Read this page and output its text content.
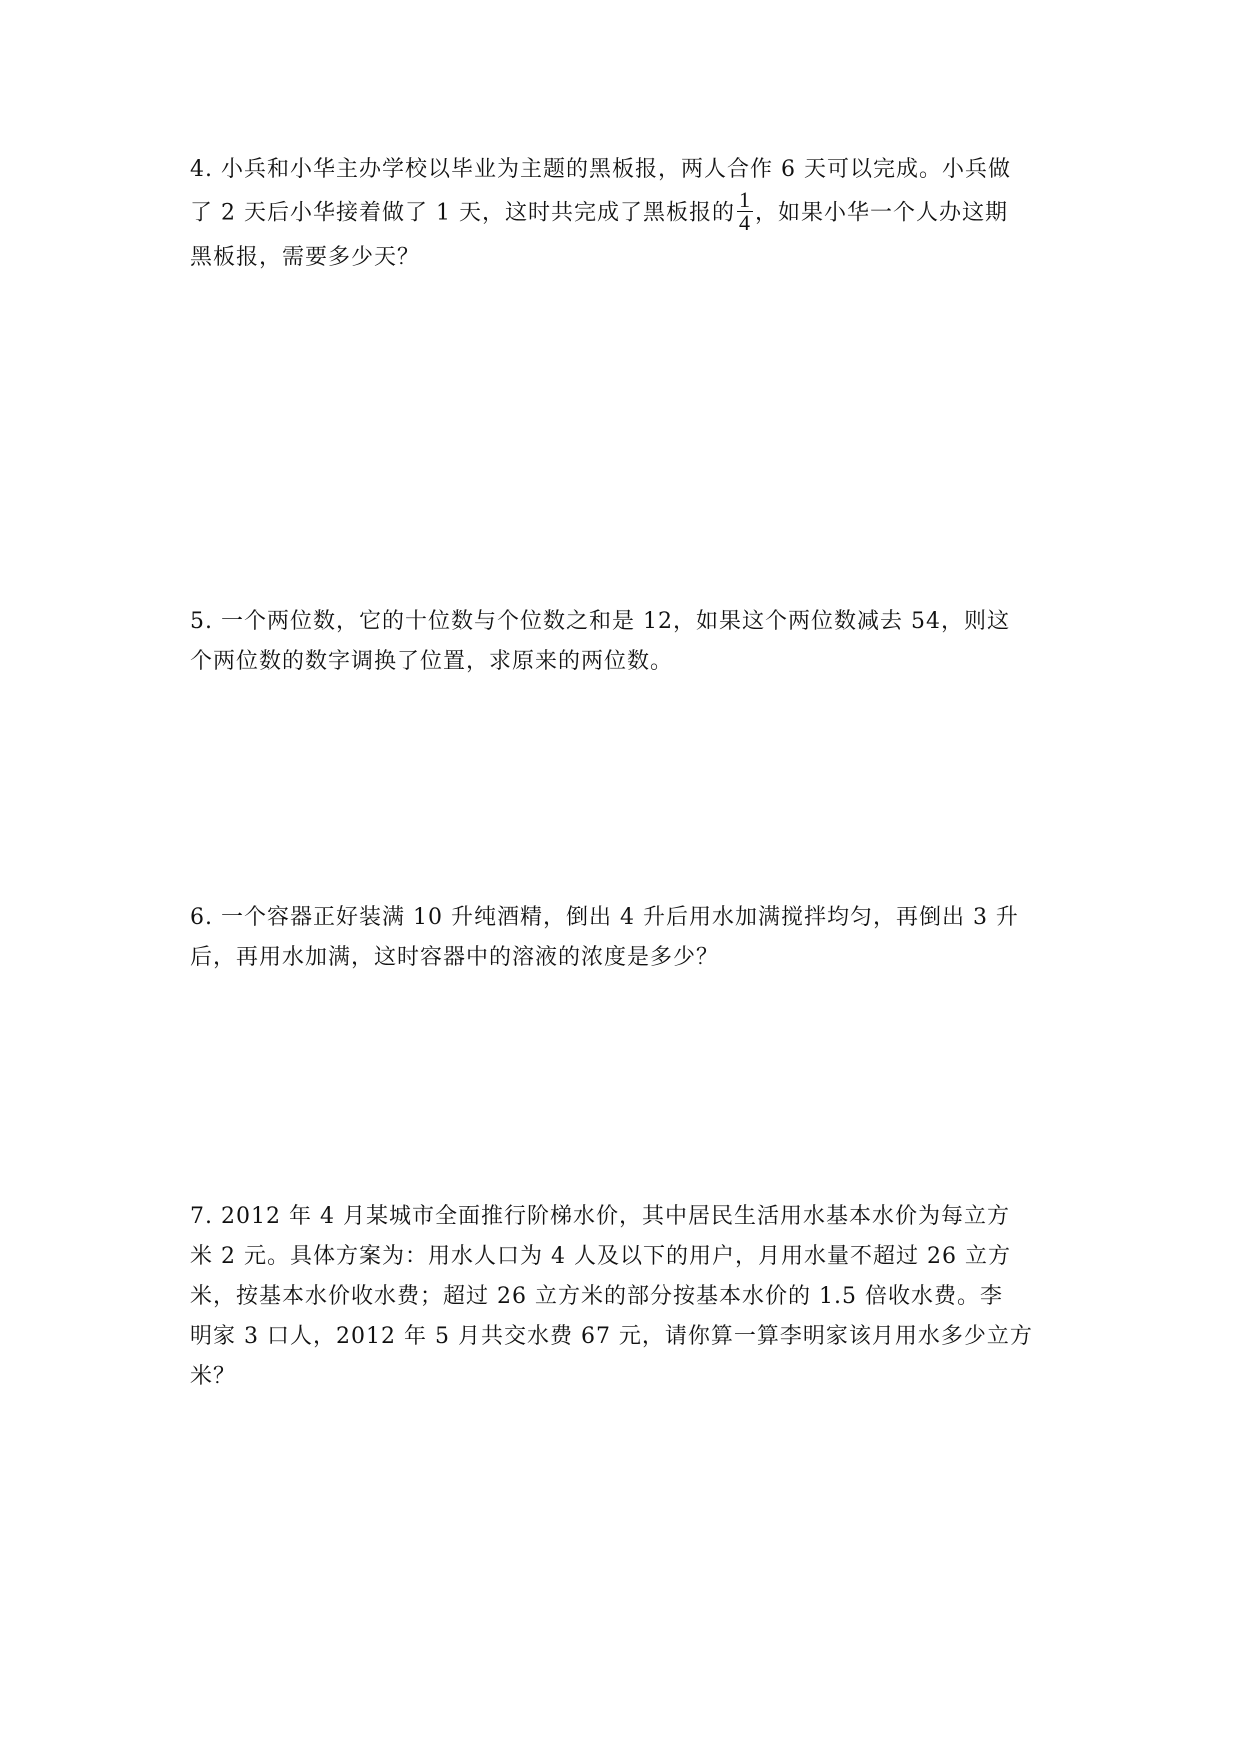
4. 小兵和小华主办学校以毕业为主题的黑板报，两人合作 6 天可以完成。小兵做

了 2 天后小华接着做了 1 天，这时共完成了黑板报的 $\frac{1}{4}$ ，如果小华一个人办这期

黑板报，需要多少天？

5. 一个两位数，它的十位数与个位数之和是 12，如果这个两位数减去 54，则这

个两位数的数字调换了位置，求原来的两位数。

6. 一个容器正好装满 10 升纯酒精，倒出 4 升后用水加满搅拌均匀，再倒出 3 升

后，再用水加满，这时容器中的溶液的浓度是多少？

7. 2012 年 4 月某城市全面推行阶梯水价，其中居民生活用水基本水价为每立方

米 2 元。具体方案为：用水人口为 4 人及以下的用户，月用水量不超过 26 立方

米，按基本水价收水费；超过 26 立方米的部分按基本水价的 1.5 倍收水费。李

明家 3 口人，2012 年 5 月共交水费 67 元，请你算一算李明家该月用水多少立方

米？
